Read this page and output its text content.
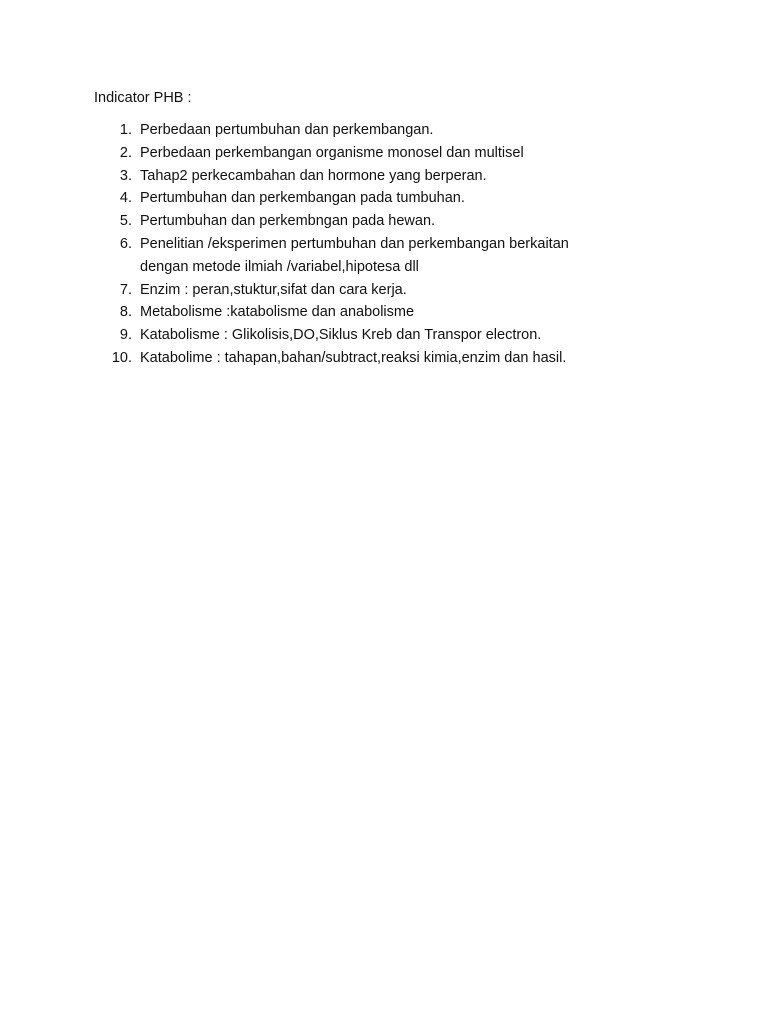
Indicator PHB :
1. Perbedaan pertumbuhan dan perkembangan.
2. Perbedaan perkembangan organisme monosel dan multisel
3. Tahap2 perkecambahan dan hormone yang berperan.
4. Pertumbuhan dan perkembangan pada tumbuhan.
5. Pertumbuhan dan perkembngan pada hewan.
6. Penelitian /eksperimen pertumbuhan dan perkembangan berkaitan
dengan metode ilmiah /variabel,hipotesa dll
7. Enzim : peran,stuktur,sifat dan cara kerja.
8. Metabolisme :katabolisme dan anabolisme
9. Katabolisme : Glikolisis,DO,Siklus Kreb dan Transpor electron.
10. Katabolime : tahapan,bahan/subtract,reaksi kimia,enzim dan hasil.
